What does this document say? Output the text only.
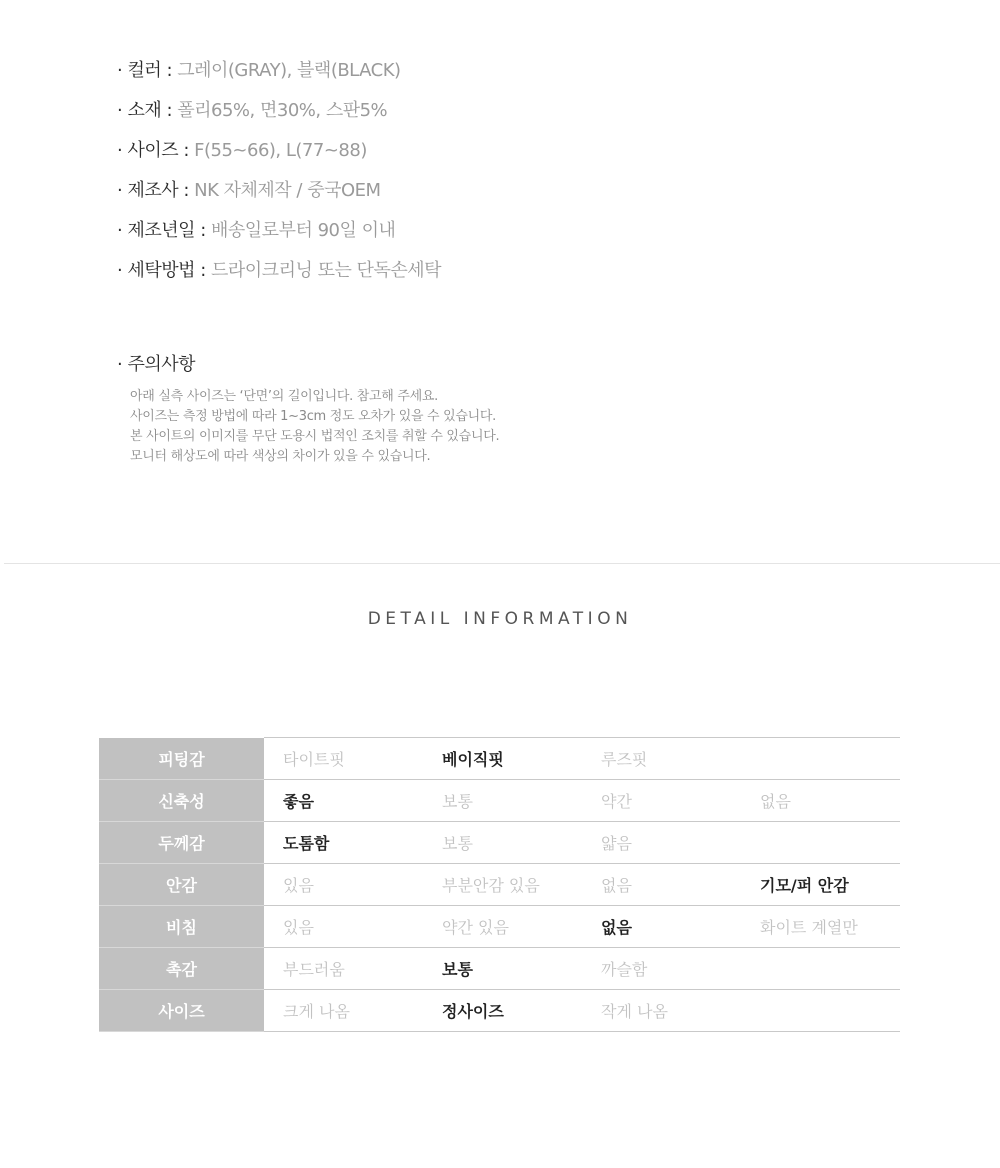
· 컬러 : 그레이(GRAY), 블랙(BLACK)
· 소재 : 폴리65%, 면30%, 스판5%
· 사이즈 : F(55~66), L(77~88)
· 제조사 : NK 자체제작 / 중국OEM
· 제조년일 : 배송일로부터 90일 이내
· 세탁방법 : 드라이크리닝 또는 단독손세탁
· 주의사항
아래 실측 사이즈는 ‘단면’의 길이입니다. 참고해 주세요.
사이즈는 측정 방법에 따라 1~3cm 정도 오차가 있을 수 있습니다.
본 사이트의 이미지를 무단 도용시 법적인 조치를 취할 수 있습니다.
모니터 해상도에 따라 색상의 차이가 있을 수 있습니다.
DETAIL INFORMATION
피팅감	타이트핏	베이직핏	루즈핏	
신축성	좋음	보통	약간	없음
두께감	도톰함	보통	얇음	
안감	있음	부분안감 있음	없음	기모/퍼 안감
비침	있음	약간 있음	없음	화이트 계열만
촉감	부드러움	보통	까슬함	
사이즈	크게 나옴	정사이즈	작게 나옴	
